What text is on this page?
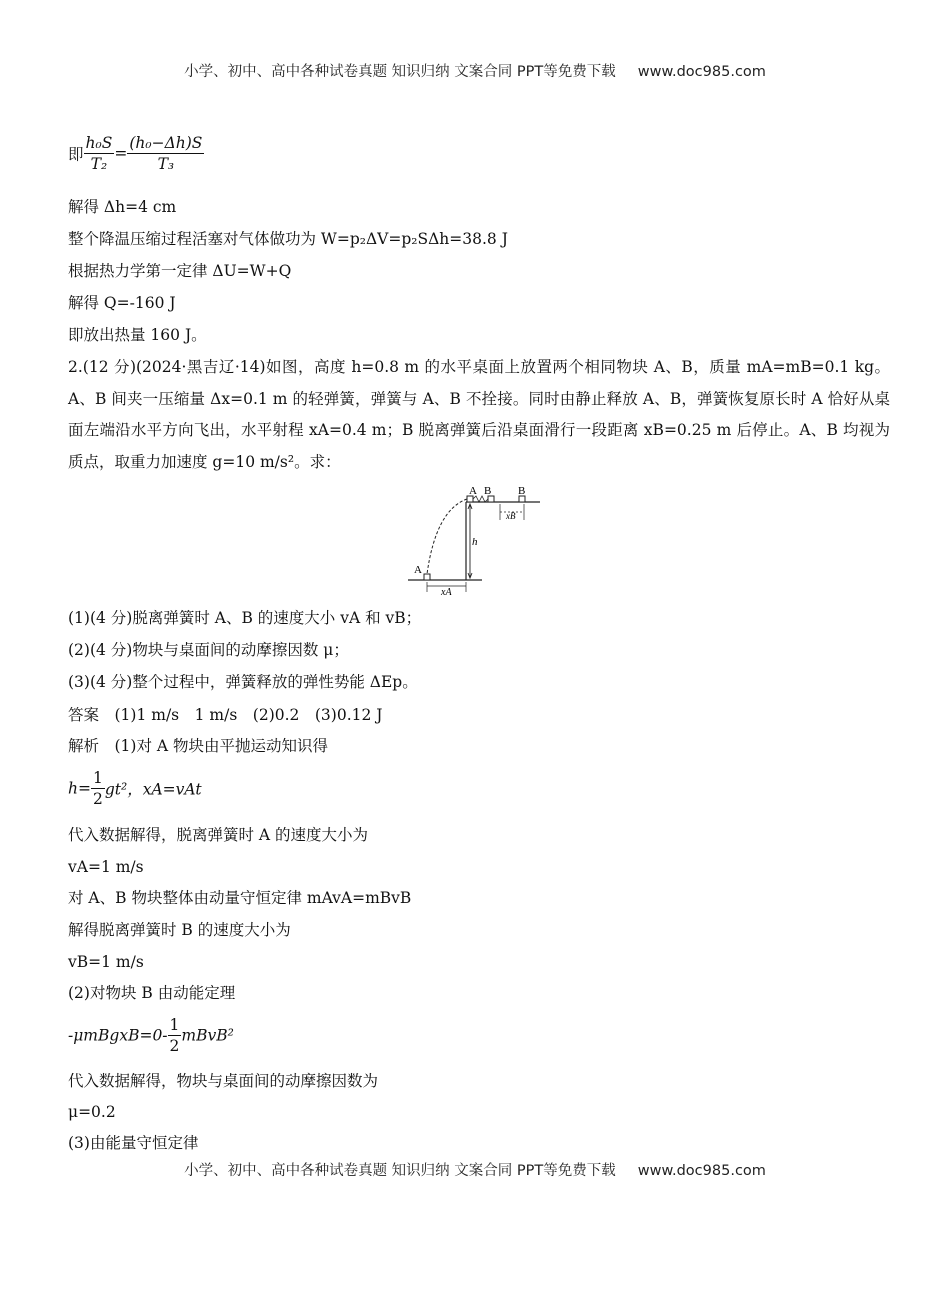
小学、初中、高中各种试卷真题 知识归纳 文案合同 PPT等免费下载 www.doc985.com
即 $\frac{\text{h₀S}}{\text{T₂}} = \frac{\text{(h₀−Δh)S}}{\text{T₃}}$
解得 Δh=4 cm
整个降温压缩过程活塞对气体做功为 W=p₂ΔV=p₂SΔh=38.8 J
根据热力学第一定律 ΔU=W+Q
解得 Q=-160 J
即放出热量 160 J。
2.(12 分)(2024·黑吉辽·14)如图，高度 h=0.8 m 的水平桌面上放置两个相同物块 A、B，质量 mA=mB=0.1 kg。A、B 间夹一压缩量 Δx=0.1 m 的轻弹簧，弹簧与 A、B 不拴接。同时由静止释放 A、B，弹簧恢复原长时 A 恰好从桌面左端沿水平方向飞出，水平射程 xA=0.4 m；B 脱离弹簧后沿桌面滑行一段距离 xB=0.25 m 后停止。A、B 均视为质点，取重力加速度 g=10 m/s²。求：
A B B
A
h
xA
xB
(1)(4 分)脱离弹簧时 A、B 的速度大小 vA 和 vB；
(2)(4 分)物块与桌面间的动摩擦因数 μ；
(3)(4 分)整个过程中，弹簧释放的弹性势能 ΔEp。
答案　(1)1 m/s　1 m/s　(2)0.2　(3)0.12 J
解析　(1)对 A 物块由平抛运动知识得
$h= \frac{1}{2} gt^2$，xA=vAt
代入数据解得，脱离弹簧时 A 的速度大小为
vA=1 m/s
对 A、B 物块整体由动量守恒定律 mAvA=mBvB
解得脱离弹簧时 B 的速度大小为
vB=1 m/s
(2)对物块 B 由动能定理
-μmBgxB=0- $\frac{1}{2}$ mBvB²
代入数据解得，物块与桌面间的动摩擦因数为
μ=0.2
(3)由能量守恒定律
小学、初中、高中各种试卷真题 知识归纳 文案合同 PPT等免费下载 www.doc985.com
